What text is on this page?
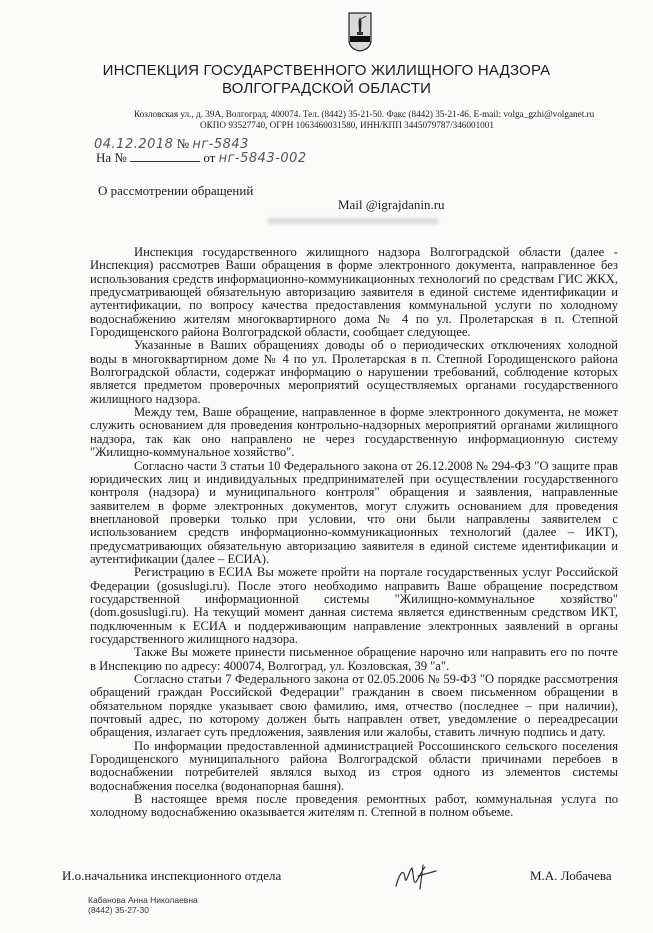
ИНСПЕКЦИЯ ГОСУДАРСТВЕННОГО ЖИЛИЩНОГО НАДЗОРА
ВОЛГОГРАДСКОЙ ОБЛАСТИ
Козловская ул., д. 39А, Волгоград, 400074. Тел. (8442) 35-21-50. Факс (8442) 35-21-46. E-mail: volga_gzhi@volganet.ru
ОКПО 93527740, ОГРН 1063460031580, ИНН/КПП 3445079787/346001001
04.12.2018 № нг-5843
На №	от нг-5843-002
О рассмотрении обращений
Mail @igrajdanin.ru

Инспекция государственного жилищного надзора Волгоградской области (далее - Инспекция) рассмотрев Ваши обращения в форме электронного документа, направленное без использования средств информационно-коммуникационных технологий по средствам ГИС ЖКХ, предусматривающей обязательную авторизацию заявителя в единой системе идентификации и аутентификации, по вопросу качества предоставления коммунальной услуги по холодному водоснабжению жителям многоквартирного дома № 4 по ул. Пролетарская в п. Степной Городищенского района Волгоградской области, сообщает следующее.

Указанные в Ваших обращениях доводы об о периодических отключениях холодной воды в многоквартирном доме № 4 по ул. Пролетарская в п. Степной Городищенского района Волгоградской области, содержат информацию о нарушении требований, соблюдение которых является предметом проверочных мероприятий осуществляемых органами государственного жилищного надзора.

Между тем, Ваше обращение, направленное в форме электронного документа, не может служить основанием для проведения контрольно-надзорных мероприятий органами жилищного надзора, так как оно направлено не через государственную информационную систему "Жилищно-коммунальное хозяйство".

Согласно части 3 статьи 10 Федерального закона от 26.12.2008 № 294-ФЗ "О защите прав юридических лиц и индивидуальных предпринимателей при осуществлении государственного контроля (надзора) и муниципального контроля" обращения и заявления, направленные заявителем в форме электронных документов, могут служить основанием для проведения внеплановой проверки только при условии, что они были направлены заявителем с использованием средств информационно-коммуникационных технологий (далее – ИКТ), предусматривающих обязательную авторизацию заявителя в единой системе идентификации и аутентификации (далее – ЕСИА).

Регистрацию в ЕСИА Вы можете пройти на портале государственных услуг Российской Федерации (gosuslugi.ru). После этого необходимо направить Ваше обращение посредством государственной информационной системы "Жилищно-коммунальное хозяйство" (dom.gosuslugi.ru). На текущий момент данная система является единственным средством ИКТ, подключенным к ЕСИА и поддерживающим направление электронных заявлений в органы государственного жилищного надзора.

Также Вы можете принести письменное обращение нарочно или направить его по почте в Инспекцию по адресу: 400074, Волгоград, ул. Козловская, 39 "а".

Согласно статьи 7 Федерального закона от 02.05.2006 № 59-ФЗ "О порядке рассмотрения обращений граждан Российской Федерации" гражданин в своем письменном обращении в обязательном порядке указывает свою фамилию, имя, отчество (последнее – при наличии), почтовый адрес, по которому должен быть направлен ответ, уведомление о переадресации обращения, излагает суть предложения, заявления или жалобы, ставить личную подпись и дату.

По информации предоставленной администрацией Россошинского сельского поселения Городищенского муниципального района Волгоградской области причинами перебоев в водоснабжении потребителей являлся выход из строя одного из элементов системы водоснабжения поселка (водонапорная башня).

В настоящее время после проведения ремонтных работ, коммунальная услуга по холодному водоснабжению оказывается жителям п. Степной в полном объеме.

И.о.начальника инспекционного отдела	М.А. Лобачева
Кабанова Анна Николаевна
(8442) 35-27-30
